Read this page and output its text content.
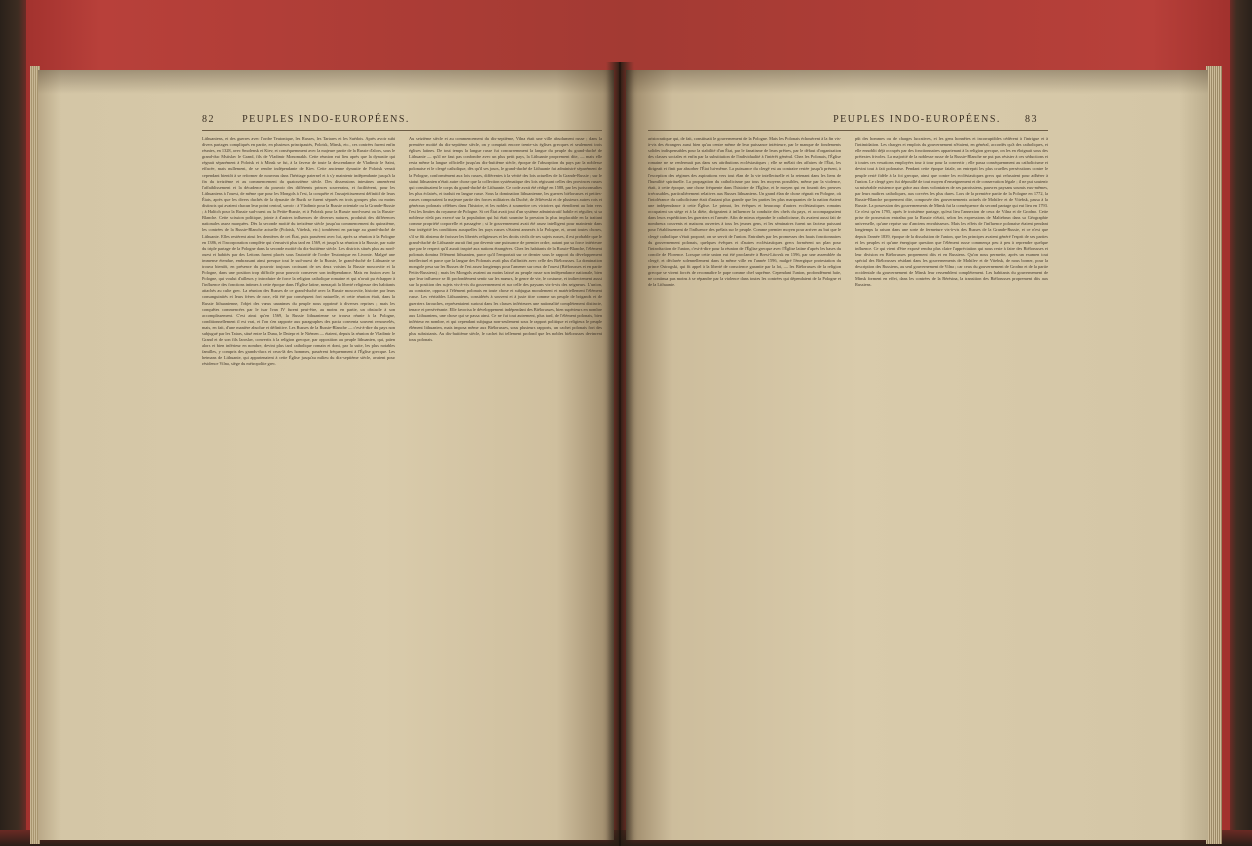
82	PEUPLES INDO-EUROPÉENS.
Lithuaniens, et des guerres avec l'ordre Teutonique, les Russes, les Tartares et les Suédois. Après avoir subi divers partages compliqués en partie, en plusieurs principautés, Polotsk, Minsk, etc., ces contrées furent enfin réunies, en 1328, avec Smolensk et Kiev, et conséquemment avec la majeure partie de la Russie d'alors, sous le grand-duc Mstislav le Grand, fils de Vladimir Monomakh. Cette réunion eut lieu après que la dynastie qui régnait séparément à Polotsk et à Minsk se fut, à la faveur de toute la descendance de Vladimir le Saint, effacée, mais nullement, de se rendre indépendante de Kiev. Cette ancienne dynastie de Polotsk venait cependant bientôt à se reformer de nouveau dans l'héritage paternel et à s'y maintenir indépendante jusqu'à la fin du treizième et au commencement du quatorzième siècle. Des dissensions intestines amenèrent l'affaiblissement et la décadence du pouvoir des différents princes souverains, et facilitèrent, pour les Lithuaniens à l'ouest, de même que pour les Mongols à l'est, la conquête et l'assujettissement définitif de leurs États, après que les divers duchés de la dynastie de Rurik se furent séparés en trois groupes plus ou moins distincts qui avaient chacun leur point central, savoir : à Vladimir pour la Russie orientale ou la Grande-Russie ; à Halitch pour la Russie sud-ouest ou la Petite-Russie, et à Polotsk pour la Russie nord-ouest ou la Russie-Blanche. Cette scission politique, jointe à d'autres influences de diverses natures, produisit des différences nationales assez marquées. Dès la seconde moitié du treizième siècle jusqu'au commencement du quinzième, les contrées de la Russie-Blanche actuelle (Polotsk, Vitebsk, etc.) tombèrent en partage au grand-duché de Lithuanie. Elles restèrent ainsi les dernières de cet État, puis passèrent avec lui, après sa réunion à la Pologne en 1386, et l'incorporation complète qui s'ensuivit plus tard en 1569, et jusqu'à sa réunion à la Russie, par suite du triple partage de la Pologne dans la seconde moitié du dix-huitième siècle. Les districts situés plus au nord-ouest et habités par des Lettons furent placés sous l'autorité de l'ordre Teutonique en Livonie. Malgré une immense étendue, embrassant ainsi presque tout le sud-ouest de la Russie, le grand-duché de Lithuanie se trouva bientôt, en présence du pouvoir toujours croissant de ses deux voisins la Russie moscovite et la Pologne, dans une position trop difficile pour pouvoir conserver son indépendance. Mais en fusion avec la Pologne, qui voulut d'ailleurs y introduire de force la religion catholique romaine et qui n'avait pu échapper à l'influence des fonctions intimes à cette époque dans l'Église latine, menaçait la liberté religieuse des habitants attachés au culte grec. La réunion des Russes de ce grand-duché avec la Russie moscovite, histoire par leurs consanguinités et leurs frères de race, eût été par conséquent fort naturelle, et cette réunion était, dans la Russie lithuanienne, l'objet des vœux unanimes du peuple nous opprimé à diverses reprises ; mais les conquêtes commencées par le tsar Ivan IV furent peut-être, au moins en partie, un obstacle à son accomplissement. C'est ainsi qu'en 1569, la Russie lithuanienne se trouva réunie à la Pologne, conditionnellement il est vrai, et l'on s'en rapporte aux paragraphes des pacta conventa souvent renouvelés, mais, en fait, d'une manière absolue et définitive. Les Russes de la Russie-Blanche — c'est-à-dire du pays non subjugué par les Tatars, situé entre la Duna, le Dniepr et le Niémen — étaient, depuis la réunion de Vladimir le Grand et de son fils Iaroslav, convertis à la religion grecque, par opposition au peuple lithuanien, qui, païen alors et bien inférieur en nombre, devint plus tard catholique romain et dont, par la suite, les plus notables familles, y compris des grands-ducs et ceux-là des hommes, passèrent fréquemment à l'Église grecque. Les hetmans de Lithuanie, qui appartenaient à cette Église jusqu'au milieu du dix-septième siècle, avaient pour résidence Vilna, siège du métropolite grec.
Au seizième siècle et au commencement du dix-septième, Vilna était une ville absolument russe ; dans la première moitié du dix-septième siècle, on y comptait encore trente-six églises grecques et seulement trois églises latines. De tout temps la langue russe fut concurremment la langue du peuple du grand-duché de Lithuanie — qu'il ne faut pas confondre avec un plus petit pays, la Lithuanie proprement dite, — mais elle resta même la langue officielle jusqu'au dix-huitième siècle, époque de l'absorption du pays par la noblesse polonaise et le clergé catholique, dès qu'il ses jours, le grand-duché de Lithuanie fut administré séparément de la Pologne, conformément aux lois russes, différentes à la vérité des lois actuelles de la Grande-Russie ; sur le statut lithuanien n'était autre chose que la collection systématique des lois régissant celles des provinces russes qui constituaient le corps du grand-duché de Lithuanie. Ce code avait été rédigé en 1588, par les jurisconsultes les plus éclairés, et traduit en langue russe. Sous la domination lithuanienne, les guerres biélorusses et petites-russes composaient la majeure partie des forces militaires du Duché, de Jéliéveski et de plusieurs autres rois et généraux polonais célèbres dans l'histoire, et les nobles à soumettre ces victoires qui étendirent au loin vers l'est les limites du royaume de Pologne. Si cet État avait joui d'un système administratif habile et régulier, si sa noblesse n'eût pas exercé sur la population qui lui était soumise la pression la plus implacable en la traitant comme propriété corporelle et passagère ; si le gouvernement avait été assez intelligent pour maintenir dans leur intégrité les conditions auxquelles les pays russes s'étaient annexés à la Pologne, et, avant toutes choses, s'il se fût abstenu de froisser les libertés religieuses et les droits civils de ses sujets russes, il est probable que le grand-duché de Lithuanie aurait fini par devenir une puissance de premier ordre, autant par sa force intérieure que par le respect qu'il aurait inspiré aux nations étrangères. Chez les habitants de la Russie-Blanche, l'élément polonais domina l'élément lithuanien, parce qu'il l'emportait sur ce dernier sous le rapport du développement intellectuel et parce que la langue des Polonais avait plus d'affinités avec celle des Biélorusses. La domination mongole pesa sur les Russes de l'est assez longtemps pour l'amener sur ceux de l'ouest (Biélorusses et en partie Petits-Russiens) ; mais les Mongols avaient au moins laissé au peuple russe son indépendance nationale, bien que leur influence se fît profondément sentir sur les mœurs, le genre de vie, le costume, et indirectement aussi sur la position des sujets vis-à-vis du gouvernement et sur celle des paysans vis-à-vis des seigneurs. L'union, au contraire, opposa à l'élément polonais en toute chose et subjugua moralement et matériellement l'élément russe. Les véritables Lithuaniens, considérés à souvent et à juste titre comme un peuple de brigands et de guerriers farouches, représentaient surtout dans les classes inférieures une nationalité complètement distincte, tenace et persévérante. Elle favorisa le développement indépendant des Biélorusses, bien supérieurs en nombre aux Lithuaniens, une chose qui se passa ainsi. Ce ne fut tout autrement, plus tard, de l'élément polonais, bien inférieur en nombre, et qui cependant subjugua non-seulement sous le rapport politique et religieux le peuple élément lithuanien, mais imposa même aux Biélorusses, sous plusieurs rapports, un cachet polonais fort des plus subsistants. Au dix-huitième siècle, le cachet fut tellement profond que les nobles biélorusses devinrent tous polonais.
83
PEUPLES INDO-EUROPÉENS.
aristocratique qui, de fait, constituait le gouvernement de la Pologne. Mais les Polonais échouèrent à la fin vis-à-vis des étrangers aussi bien qu'au centre même de leur puissance intérieure, par le manque de fondements solides indispensables pour la stabilité d'un État, par le fanatisme de leurs prêtres, par le défaut d'organisation des classes sociales et enfin par la substitution de l'individualité à l'intérêt général. Chez les Polonais, l'Église romaine ne se renfermait pas dans ses attributions ecclésiastiques ; elle se mêlait des affaires de l'État, les dirigeait et finit par absorber l'État lui-même. La puissance du clergé est au contraire restée jusqu'à présent, à l'exception des régimes des aspirations vers tout élan de la vie intellectuelle et la retenant dans les liens de l'humilité spirituelle. La propagation du catholicisme par tous les moyens possibles, même par la violence, était, à cette époque, une chose fréquente dans l'histoire de l'Église, et le moyen qui en fournit des preuves irrécusables, particulièrement relatives aux Russes lithuaniens. Un grand élan de chose régnait en Pologne, où l'intolérance du catholicisme était d'autant plus grande que les parties les plus marquantes de la nation étaient une indépendance à cette Église. Le primat, les évêques et beaucoup d'autres ecclésiastiques romains occupaient un siège et à la diète, dirigeaient à influencer la conduite des chefs du pays, et accompagnaient dans leurs expéditions les guerriers et l'armée. Afin de mieux répandre le catholicisme, ils avaient aussi fait de nombreux couvents et maisons ouvertes à tous les jeunes gens, et les séminaires furent un facteur puissant pour l'établissement de l'influence des prélats sur le peuple. Comme premier moyen pour arriver au but que le clergé catholique s'était proposé, on se servit de l'union. Entraînés par les promesses des hauts fonctionnaires du gouvernement polonais, quelques évêques et d'autres ecclésiastiques grecs formèrent un plan pour l'introduction de l'union, c'est-à-dire pour la réunion de l'Église grecque avec l'Église latine d'après les bases du concile de Florence. Lorsque cette union eut été proclamée à Brest-Litovsk en 1596, par une assemblée du clergé, et déclarée solennellement dans la même ville en l'année 1596, malgré l'énergique protestation du prince Ostrogski, qui fit appel à la liberté de conscience garantie par la loi, — les Biélorusses de la religion grecque se virent forcés de reconnaître le pape comme chef suprême. Cependant l'union, profondément haïe, ne continua pas moins à se répandre par la violence dans toutes les contrées qui dépendaient de la Pologne et de la Lithuanie.
pût des hommes ou de charges lucratives, et les gens honnêtes et incorruptibles cédèrent à l'intrigue et à l'intimidation. Les charges et emplois du gouvernement n'étaient, en général, accordés qu'à des catholiques, et elle ennoblit déjà occupés par des fonctionnaires appartenant à la religion grecque, on les en éloignait sous des prétextes frivoles. La majorité de la noblesse russe de la Russie-Blanche ne put pas résister à ces séductions et à toutes ces vexations employées tour à tour pour la convertir ; elle passa conséquemment au catholicisme et devint tout à fait polonaise. Pendant cette époque fatale, on entreprit les plus cruelles persécutions contre le peuple resté fidèle à la foi grecque, ainsi que contre les ecclésiastiques grecs qui refusaient pour adhérer à l'union. Le clergé grec fut dépouillé de tout moyen d'enseignement et de conservation légale ; il ne put soutenir sa misérable existence que grâce aux dons volontaires de ses paroissiens, pauvres paysans soumis eux-mêmes, par leurs maîtres catholiques, aux corvées les plus dures. Lors de la première partie de la Pologne en 1772, la Russie-Blanche proprement dite, composée des gouvernements actuels de Mohilev et de Vitebsk, passa à la Russie. La possession des gouvernements de Minsk fut la conséquence du second partage qui eut lieu en 1793. Ce n'est qu'en 1795, après le troisième partage, qu'eut lieu l'annexion de ceux de Vilna et de Grodno. Cette prise de possession entraîna par la Russie n'était, selon les expressions de Maltebrun dans sa Géographie universelle, qu'une reprise sur d'anciens envahisseurs. Mais les effets de l'influence polonaise étaient pendant longtemps la raison dans une sorte de fermeture vis-à-vis des Russes de la Grande-Russie, et ce n'est que depuis l'année 1839, époque de la dissolution de l'union, que les principes avaient généré l'esprit de ses parties et les peuples et qu'une énergique question que l'élément russe commença peu à peu à reprendre quelque influence. Ce qui vient d'être exposé rendra plus claire l'appréciation qui nous reste à faire des Biélorusses et leur division en Biélorusses proprement dits et en Russiens. Qu'on nous permette, après un examen tout spécial des Biélorusses résidant dans les gouvernements de Mohilev et de Vitebsk, de nous borner, pour la description des Russiens, au seul gouvernement de Vilna ; car ceux du gouvernement de Grodno et de la partie occidentale du gouvernement de Minsk leur ressemblent complètement. Les habitants du gouvernement de Minsk forment en effet, dans les contrées de la Bérésina, la transition des Biélorusses proprement dits aux Russiens.
